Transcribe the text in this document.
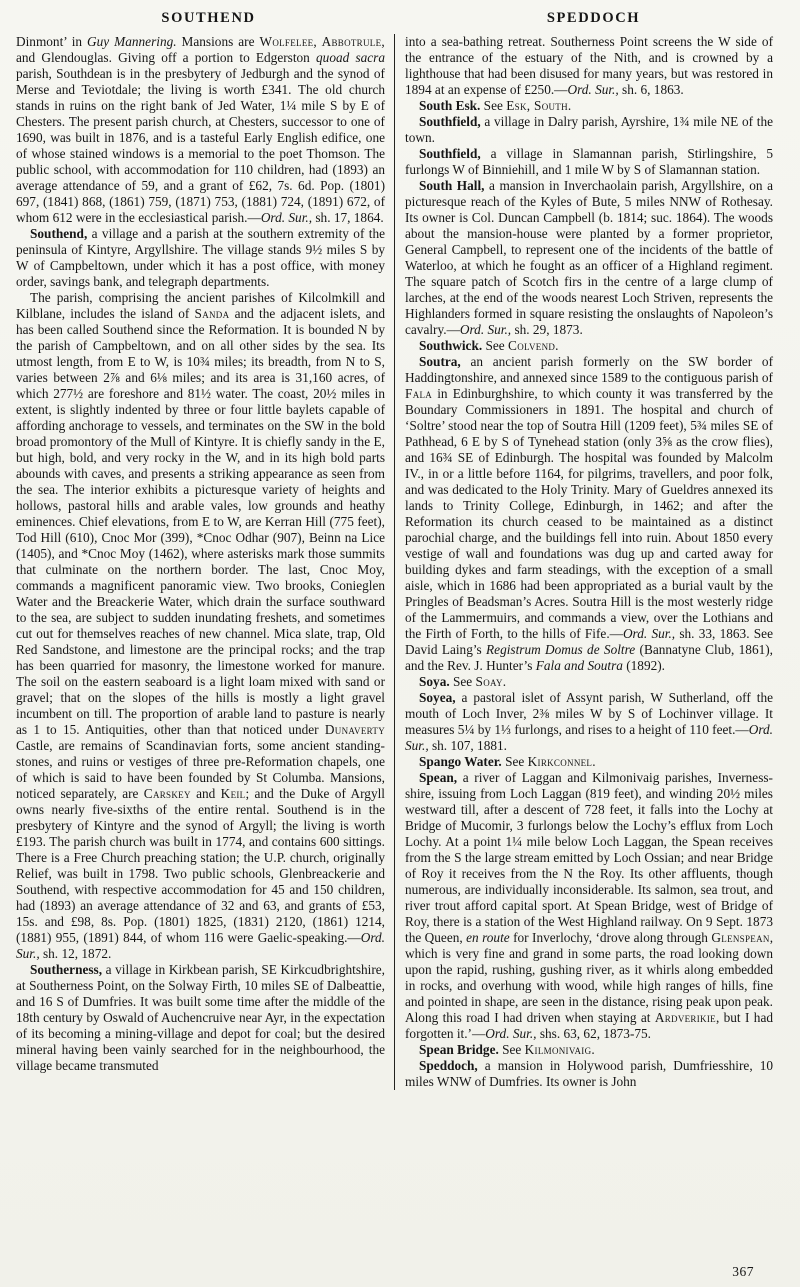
SOUTHEND	SPEDDOCH

Dinmont’ in Guy Mannering. Mansions are Wolfelee, Abbotrule, and Glendouglas. Giving off a portion to Edgerston quoad sacra parish, Southdean is in the presbytery of Jedburgh and the synod of Merse and Teviotdale; the living is worth £341. The old church stands in ruins on the right bank of Jed Water, 1¼ mile S by E of Chesters. The present parish church, at Chesters, successor to one of 1690, was built in 1876, and is a tasteful Early English edifice, one of whose stained windows is a memorial to the poet Thomson. The public school, with accommodation for 110 children, had (1893) an average attendance of 59, and a grant of £62, 7s. 6d. Pop. (1801) 697, (1841) 868, (1861) 759, (1871) 753, (1881) 724, (1891) 672, of whom 612 were in the ecclesiastical parish.—Ord. Sur., sh. 17, 1864.

Southend, a village and a parish at the southern extremity of the peninsula of Kintyre, Argyllshire. The village stands 9½ miles S by W of Campbeltown, under which it has a post office, with money order, savings bank, and telegraph departments.

The parish, comprising the ancient parishes of Kilcolmkill and Kilblane, includes the island of Sanda and the adjacent islets, and has been called Southend since the Reformation. It is bounded N by the parish of Campbeltown, and on all other sides by the sea. Its utmost length, from E to W, is 10¾ miles; its breadth, from N to S, varies between 2⅞ and 6⅛ miles; and its area is 31,160 acres, of which 277½ are foreshore and 81½ water. The coast, 20½ miles in extent, is slightly indented by three or four little baylets capable of affording anchorage to vessels, and terminates on the SW in the bold broad promontory of the Mull of Kintyre. It is chiefly sandy in the E, but high, bold, and very rocky in the W, and in its high bold parts abounds with caves, and presents a striking appearance as seen from the sea. The interior exhibits a picturesque variety of heights and hollows, pastoral hills and arable vales, low grounds and heathy eminences. Chief elevations, from E to W, are Kerran Hill (775 feet), Tod Hill (610), Cnoc Mor (399), *Cnoc Odhar (907), Beinn na Lice (1405), and *Cnoc Moy (1462), where asterisks mark those summits that culminate on the northern border. The last, Cnoc Moy, commands a magnificent panoramic view. Two brooks, Conieglen Water and the Breackerie Water, which drain the surface southward to the sea, are subject to sudden inundating freshets, and sometimes cut out for themselves reaches of new channel. Mica slate, trap, Old Red Sandstone, and limestone are the principal rocks; and the trap has been quarried for masonry, the limestone worked for manure. The soil on the eastern seaboard is a light loam mixed with sand or gravel; that on the slopes of the hills is mostly a light gravel incumbent on till. The proportion of arable land to pasture is nearly as 1 to 15. Antiquities, other than that noticed under Dunaverty Castle, are remains of Scandinavian forts, some ancient standing-stones, and ruins or vestiges of three pre-Reformation chapels, one of which is said to have been founded by St Columba. Mansions, noticed separately, are Carskey and Keil; and the Duke of Argyll owns nearly five-sixths of the entire rental. Southend is in the presbytery of Kintyre and the synod of Argyll; the living is worth £193. The parish church was built in 1774, and contains 600 sittings. There is a Free Church preaching station; the U.P. church, originally Relief, was built in 1798. Two public schools, Glenbreackerie and Southend, with respective accommodation for 45 and 150 children, had (1893) an average attendance of 32 and 63, and grants of £53, 15s. and £98, 8s. Pop. (1801) 1825, (1831) 2120, (1861) 1214, (1881) 955, (1891) 844, of whom 116 were Gaelic-speaking.—Ord. Sur., sh. 12, 1872.

Southerness, a village in Kirkbean parish, SE Kirkcudbrightshire, at Southerness Point, on the Solway Firth, 10 miles SE of Dalbeattie, and 16 S of Dumfries. It was built some time after the middle of the 18th century by Oswald of Auchencruive near Ayr, in the expectation of its becoming a mining-village and depot for coal; but the desired mineral having been vainly searched for in the neighbourhood, the village became transmuted

into a sea-bathing retreat. Southerness Point screens the W side of the entrance of the estuary of the Nith, and is crowned by a lighthouse that had been disused for many years, but was restored in 1894 at an expense of £250.—Ord. Sur., sh. 6, 1863.

South Esk. See Esk, South.

Southfield, a village in Dalry parish, Ayrshire, 1¾ mile NE of the town.

Southfield, a village in Slamannan parish, Stirlingshire, 5 furlongs W of Binniehill, and 1 mile W by S of Slamannan station.

South Hall, a mansion in Inverchaolain parish, Argyllshire, on a picturesque reach of the Kyles of Bute, 5 miles NNW of Rothesay. Its owner is Col. Duncan Campbell (b. 1814; suc. 1864). The woods about the mansion-house were planted by a former proprietor, General Campbell, to represent one of the incidents of the battle of Waterloo, at which he fought as an officer of a Highland regiment. The square patch of Scotch firs in the centre of a large clump of larches, at the end of the woods nearest Loch Striven, represents the Highlanders formed in square resisting the onslaughts of Napoleon’s cavalry.—Ord. Sur., sh. 29, 1873.

Southwick. See Colvend.

Soutra, an ancient parish formerly on the SW border of Haddingtonshire, and annexed since 1589 to the contiguous parish of Fala in Edinburghshire, to which county it was transferred by the Boundary Commissioners in 1891. The hospital and church of ‘Soltre’ stood near the top of Soutra Hill (1209 feet), 5¾ miles SE of Pathhead, 6 E by S of Tynehead station (only 3⅝ as the crow flies), and 16¾ SE of Edinburgh. The hospital was founded by Malcolm IV., in or a little before 1164, for pilgrims, travellers, and poor folk, and was dedicated to the Holy Trinity. Mary of Gueldres annexed its lands to Trinity College, Edinburgh, in 1462; and after the Reformation its church ceased to be maintained as a distinct parochial charge, and the buildings fell into ruin. About 1850 every vestige of wall and foundations was dug up and carted away for building dykes and farm steadings, with the exception of a small aisle, which in 1686 had been appropriated as a burial vault by the Pringles of Beadsman’s Acres. Soutra Hill is the most westerly ridge of the Lammermuirs, and commands a view, over the Lothians and the Firth of Forth, to the hills of Fife.—Ord. Sur., sh. 33, 1863. See David Laing’s Registrum Domus de Soltre (Bannatyne Club, 1861), and the Rev. J. Hunter’s Fala and Soutra (1892).

Soya. See Soay.

Soyea, a pastoral islet of Assynt parish, W Sutherland, off the mouth of Loch Inver, 2⅜ miles W by S of Lochinver village. It measures 5¼ by 1⅓ furlongs, and rises to a height of 110 feet.—Ord. Sur., sh. 107, 1881.

Spango Water. See Kirkconnel.

Spean, a river of Laggan and Kilmonivaig parishes, Inverness-shire, issuing from Loch Laggan (819 feet), and winding 20½ miles westward till, after a descent of 728 feet, it falls into the Lochy at Bridge of Mucomir, 3 furlongs below the Lochy’s efflux from Loch Lochy. At a point 1¼ mile below Loch Laggan, the Spean receives from the S the large stream emitted by Loch Ossian; and near Bridge of Roy it receives from the N the Roy. Its other affluents, though numerous, are individually inconsiderable. Its salmon, sea trout, and river trout afford capital sport. At Spean Bridge, west of Bridge of Roy, there is a station of the West Highland railway. On 9 Sept. 1873 the Queen, en route for Inverlochy, ‘drove along through Glenspean, which is very fine and grand in some parts, the road looking down upon the rapid, rushing, gushing river, as it whirls along embedded in rocks, and overhung with wood, while high ranges of hills, fine and pointed in shape, are seen in the distance, rising peak upon peak. Along this road I had driven when staying at Ardverikie, but I had forgotten it.’—Ord. Sur., shs. 63, 62, 1873-75.

Spean Bridge. See Kilmonivaig.

Speddoch, a mansion in Holywood parish, Dumfriesshire, 10 miles WNW of Dumfries. Its owner is John

367
